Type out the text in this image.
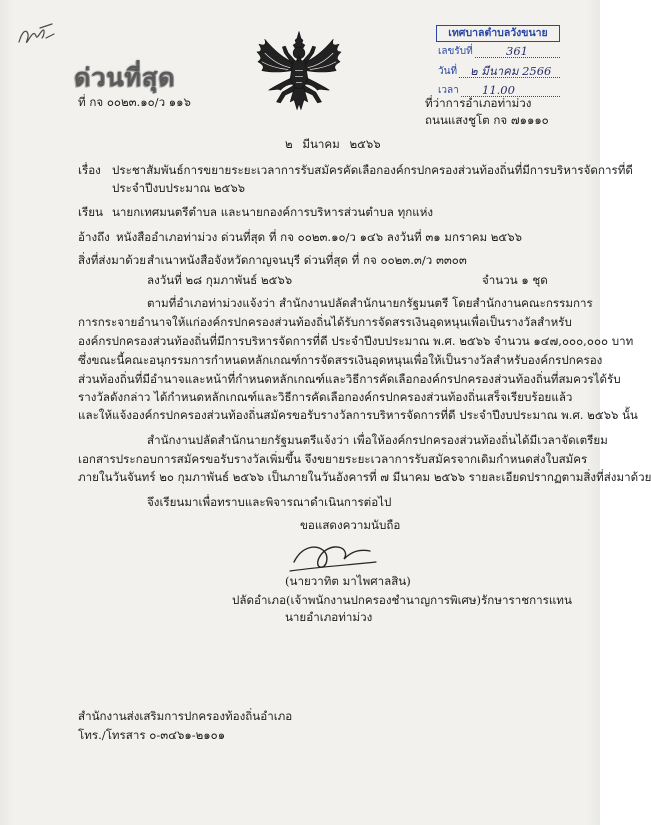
ด่วนที่สุด
ที่ กจ ๐๐๒๓.๑๐/ว ๑๑๖
เทศบาลตำบลวังขนาย
เลขรับที่	361
วันที่ ๒ มีนาคม 2566
เวลา 11.00
ที่ว่าการอำเภอท่าม่วง
ถนนแสงชูโต กจ ๗๑๑๑๐
๒ มีนาคม ๒๕๖๖
เรื่อง ประชาสัมพันธ์การขยายระยะเวลาการรับสมัครคัดเลือกองค์กรปกครองส่วนท้องถิ่นที่มีการบริหารจัดการที่ดี
ประจำปีงบประมาณ ๒๕๖๖
เรียน นายกเทศมนตรีตำบล และนายกองค์การบริหารส่วนตำบล ทุกแห่ง
อ้างถึง หนังสืออำเภอท่าม่วง ด่วนที่สุด ที่ กจ ๐๐๒๓.๑๐/ว ๑๔๖ ลงวันที่ ๓๑ มกราคม ๒๕๖๖
สิ่งที่ส่งมาด้วย สำเนาหนังสือจังหวัดกาญจนบุรี ด่วนที่สุด ที่ กจ ๐๐๒๓.๓/ว ๓๓๐๓
ลงวันที่ ๒๘ กุมภาพันธ์ ๒๕๖๖	จำนวน ๑ ชุด
ตามที่อำเภอท่าม่วงแจ้งว่า สำนักงานปลัดสำนักนายกรัฐมนตรี โดยสำนักงานคณะกรรมการ
การกระจายอำนาจให้แก่องค์กรปกครองส่วนท้องถิ่นได้รับการจัดสรรเงินอุดหนุนเพื่อเป็นรางวัลสำหรับ
องค์กรปกครองส่วนท้องถิ่นที่มีการบริหารจัดการที่ดี ประจำปีงบประมาณ พ.ศ. ๒๕๖๖ จำนวน ๑๔๗,๐๐๐,๐๐๐ บาท
ซึ่งขณะนี้คณะอนุกรรมการกำหนดหลักเกณฑ์การจัดสรรเงินอุดหนุนเพื่อให้เป็นรางวัลสำหรับองค์กรปกครอง
ส่วนท้องถิ่นที่มีอำนาจและหน้าที่กำหนดหลักเกณฑ์และวิธีการคัดเลือกองค์กรปกครองส่วนท้องถิ่นที่สมควรได้รับ
รางวัลดังกล่าว ได้กำหนดหลักเกณฑ์และวิธีการคัดเลือกองค์กรปกครองส่วนท้องถิ่นเสร็จเรียบร้อยแล้ว
และให้แจ้งองค์กรปกครองส่วนท้องถิ่นสมัครขอรับรางวัลการบริหารจัดการที่ดี ประจำปีงบประมาณ พ.ศ. ๒๕๖๖ นั้น
สำนักงานปลัดสำนักนายกรัฐมนตรีแจ้งว่า เพื่อให้องค์กรปกครองส่วนท้องถิ่นได้มีเวลาจัดเตรียม
เอกสารประกอบการสมัครขอรับรางวัลเพิ่มขึ้น จึงขยายระยะเวลาการรับสมัครจากเดิมกำหนดส่งใบสมัคร
ภายในวันจันทร์ ๒๐ กุมภาพันธ์ ๒๕๖๖ เป็นภายในวันอังคารที่ ๗ มีนาคม ๒๕๖๖ รายละเอียดปรากฏตามสิ่งที่ส่งมาด้วย
จึงเรียนมาเพื่อทราบและพิจารณาดำเนินการต่อไป
ขอแสดงความนับถือ
(นายวาทิต มาไพศาลสิน)
ปลัดอำเภอ(เจ้าพนักงานปกครองชำนาญการพิเศษ)รักษาราชการแทน
นายอำเภอท่าม่วง
สำนักงานส่งเสริมการปกครองท้องถิ่นอำเภอ
โทร./โทรสาร ๐-๓๔๖๑-๒๑๐๑
